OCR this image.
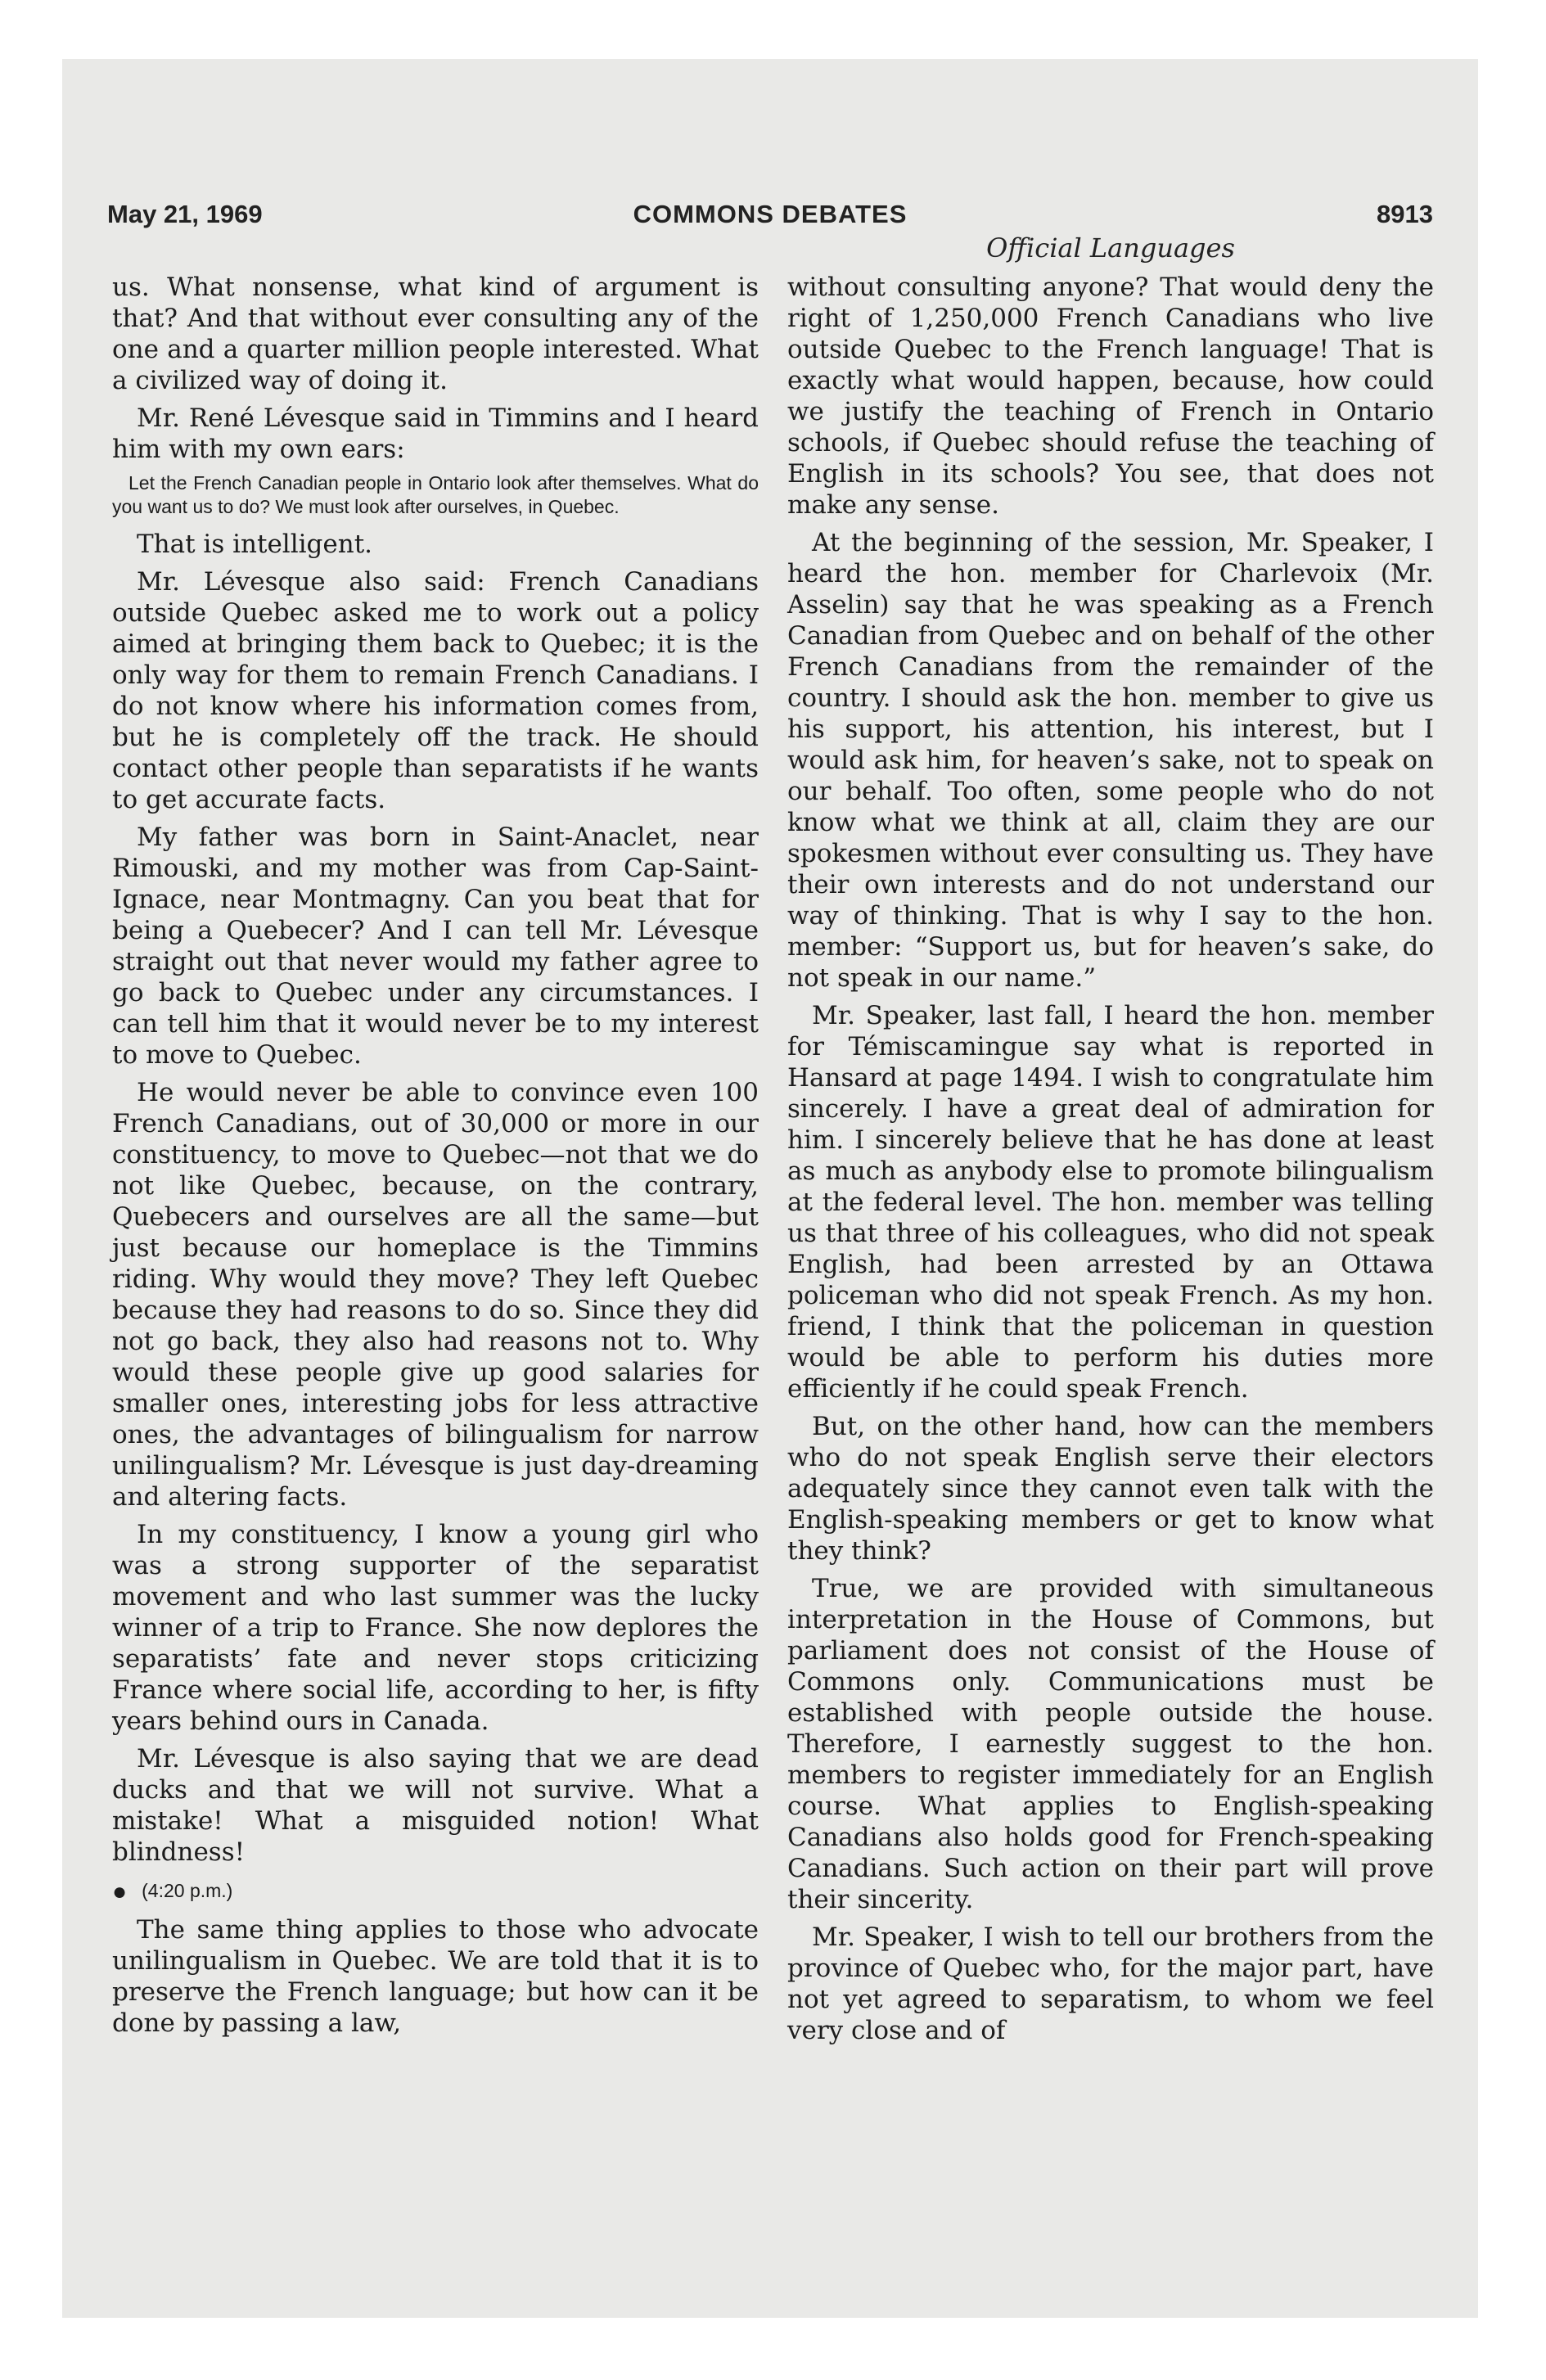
May 21, 1969	COMMONS DEBATES	8913
Official Languages

us. What nonsense, what kind of argument is that? And that without ever consulting any of the one and a quarter million people interested. What a civilized way of doing it.

Mr. René Lévesque said in Timmins and I heard him with my own ears:

Let the French Canadian people in Ontario look after themselves. What do you want us to do? We must look after ourselves, in Quebec.

That is intelligent.

Mr. Lévesque also said: French Canadians outside Quebec asked me to work out a policy aimed at bringing them back to Quebec; it is the only way for them to remain French Canadians. I do not know where his information comes from, but he is completely off the track. He should contact other people than separatists if he wants to get accurate facts.

My father was born in Saint-Anaclet, near Rimouski, and my mother was from Cap-Saint-Ignace, near Montmagny. Can you beat that for being a Quebecer? And I can tell Mr. Lévesque straight out that never would my father agree to go back to Quebec under any circumstances. I can tell him that it would never be to my interest to move to Quebec.

He would never be able to convince even 100 French Canadians, out of 30,000 or more in our constituency, to move to Quebec—not that we do not like Quebec, because, on the contrary, Quebecers and ourselves are all the same—but just because our homeplace is the Timmins riding. Why would they move? They left Quebec because they had reasons to do so. Since they did not go back, they also had reasons not to. Why would these people give up good salaries for smaller ones, interesting jobs for less attractive ones, the advantages of bilingualism for narrow unilingualism? Mr. Lévesque is just day-dreaming and altering facts.

In my constituency, I know a young girl who was a strong supporter of the separatist movement and who last summer was the lucky winner of a trip to France. She now deplores the separatists’ fate and never stops criticizing France where social life, according to her, is fifty years behind ours in Canada.

Mr. Lévesque is also saying that we are dead ducks and that we will not survive. What a mistake! What a misguided notion! What blindness!

● (4:20 p.m.)

The same thing applies to those who advocate unilingualism in Quebec. We are told that it is to preserve the French language; but how can it be done by passing a law,

without consulting anyone? That would deny the right of 1,250,000 French Canadians who live outside Quebec to the French language! That is exactly what would happen, because, how could we justify the teaching of French in Ontario schools, if Quebec should refuse the teaching of English in its schools? You see, that does not make any sense.

At the beginning of the session, Mr. Speaker, I heard the hon. member for Charlevoix (Mr. Asselin) say that he was speaking as a French Canadian from Quebec and on behalf of the other French Canadians from the remainder of the country. I should ask the hon. member to give us his support, his attention, his interest, but I would ask him, for heaven’s sake, not to speak on our behalf. Too often, some people who do not know what we think at all, claim they are our spokesmen without ever consulting us. They have their own interests and do not understand our way of thinking. That is why I say to the hon. member: “Support us, but for heaven’s sake, do not speak in our name.”

Mr. Speaker, last fall, I heard the hon. member for Témiscamingue say what is reported in Hansard at page 1494. I wish to congratulate him sincerely. I have a great deal of admiration for him. I sincerely believe that he has done at least as much as anybody else to promote bilingualism at the federal level. The hon. member was telling us that three of his colleagues, who did not speak English, had been arrested by an Ottawa policeman who did not speak French. As my hon. friend, I think that the policeman in question would be able to perform his duties more efficiently if he could speak French.

But, on the other hand, how can the members who do not speak English serve their electors adequately since they cannot even talk with the English-speaking members or get to know what they think?

True, we are provided with simultaneous interpretation in the House of Commons, but parliament does not consist of the House of Commons only. Communications must be established with people outside the house. Therefore, I earnestly suggest to the hon. members to register immediately for an English course. What applies to English-speaking Canadians also holds good for French-speaking Canadians. Such action on their part will prove their sincerity.

Mr. Speaker, I wish to tell our brothers from the province of Quebec who, for the major part, have not yet agreed to separatism, to whom we feel very close and of
